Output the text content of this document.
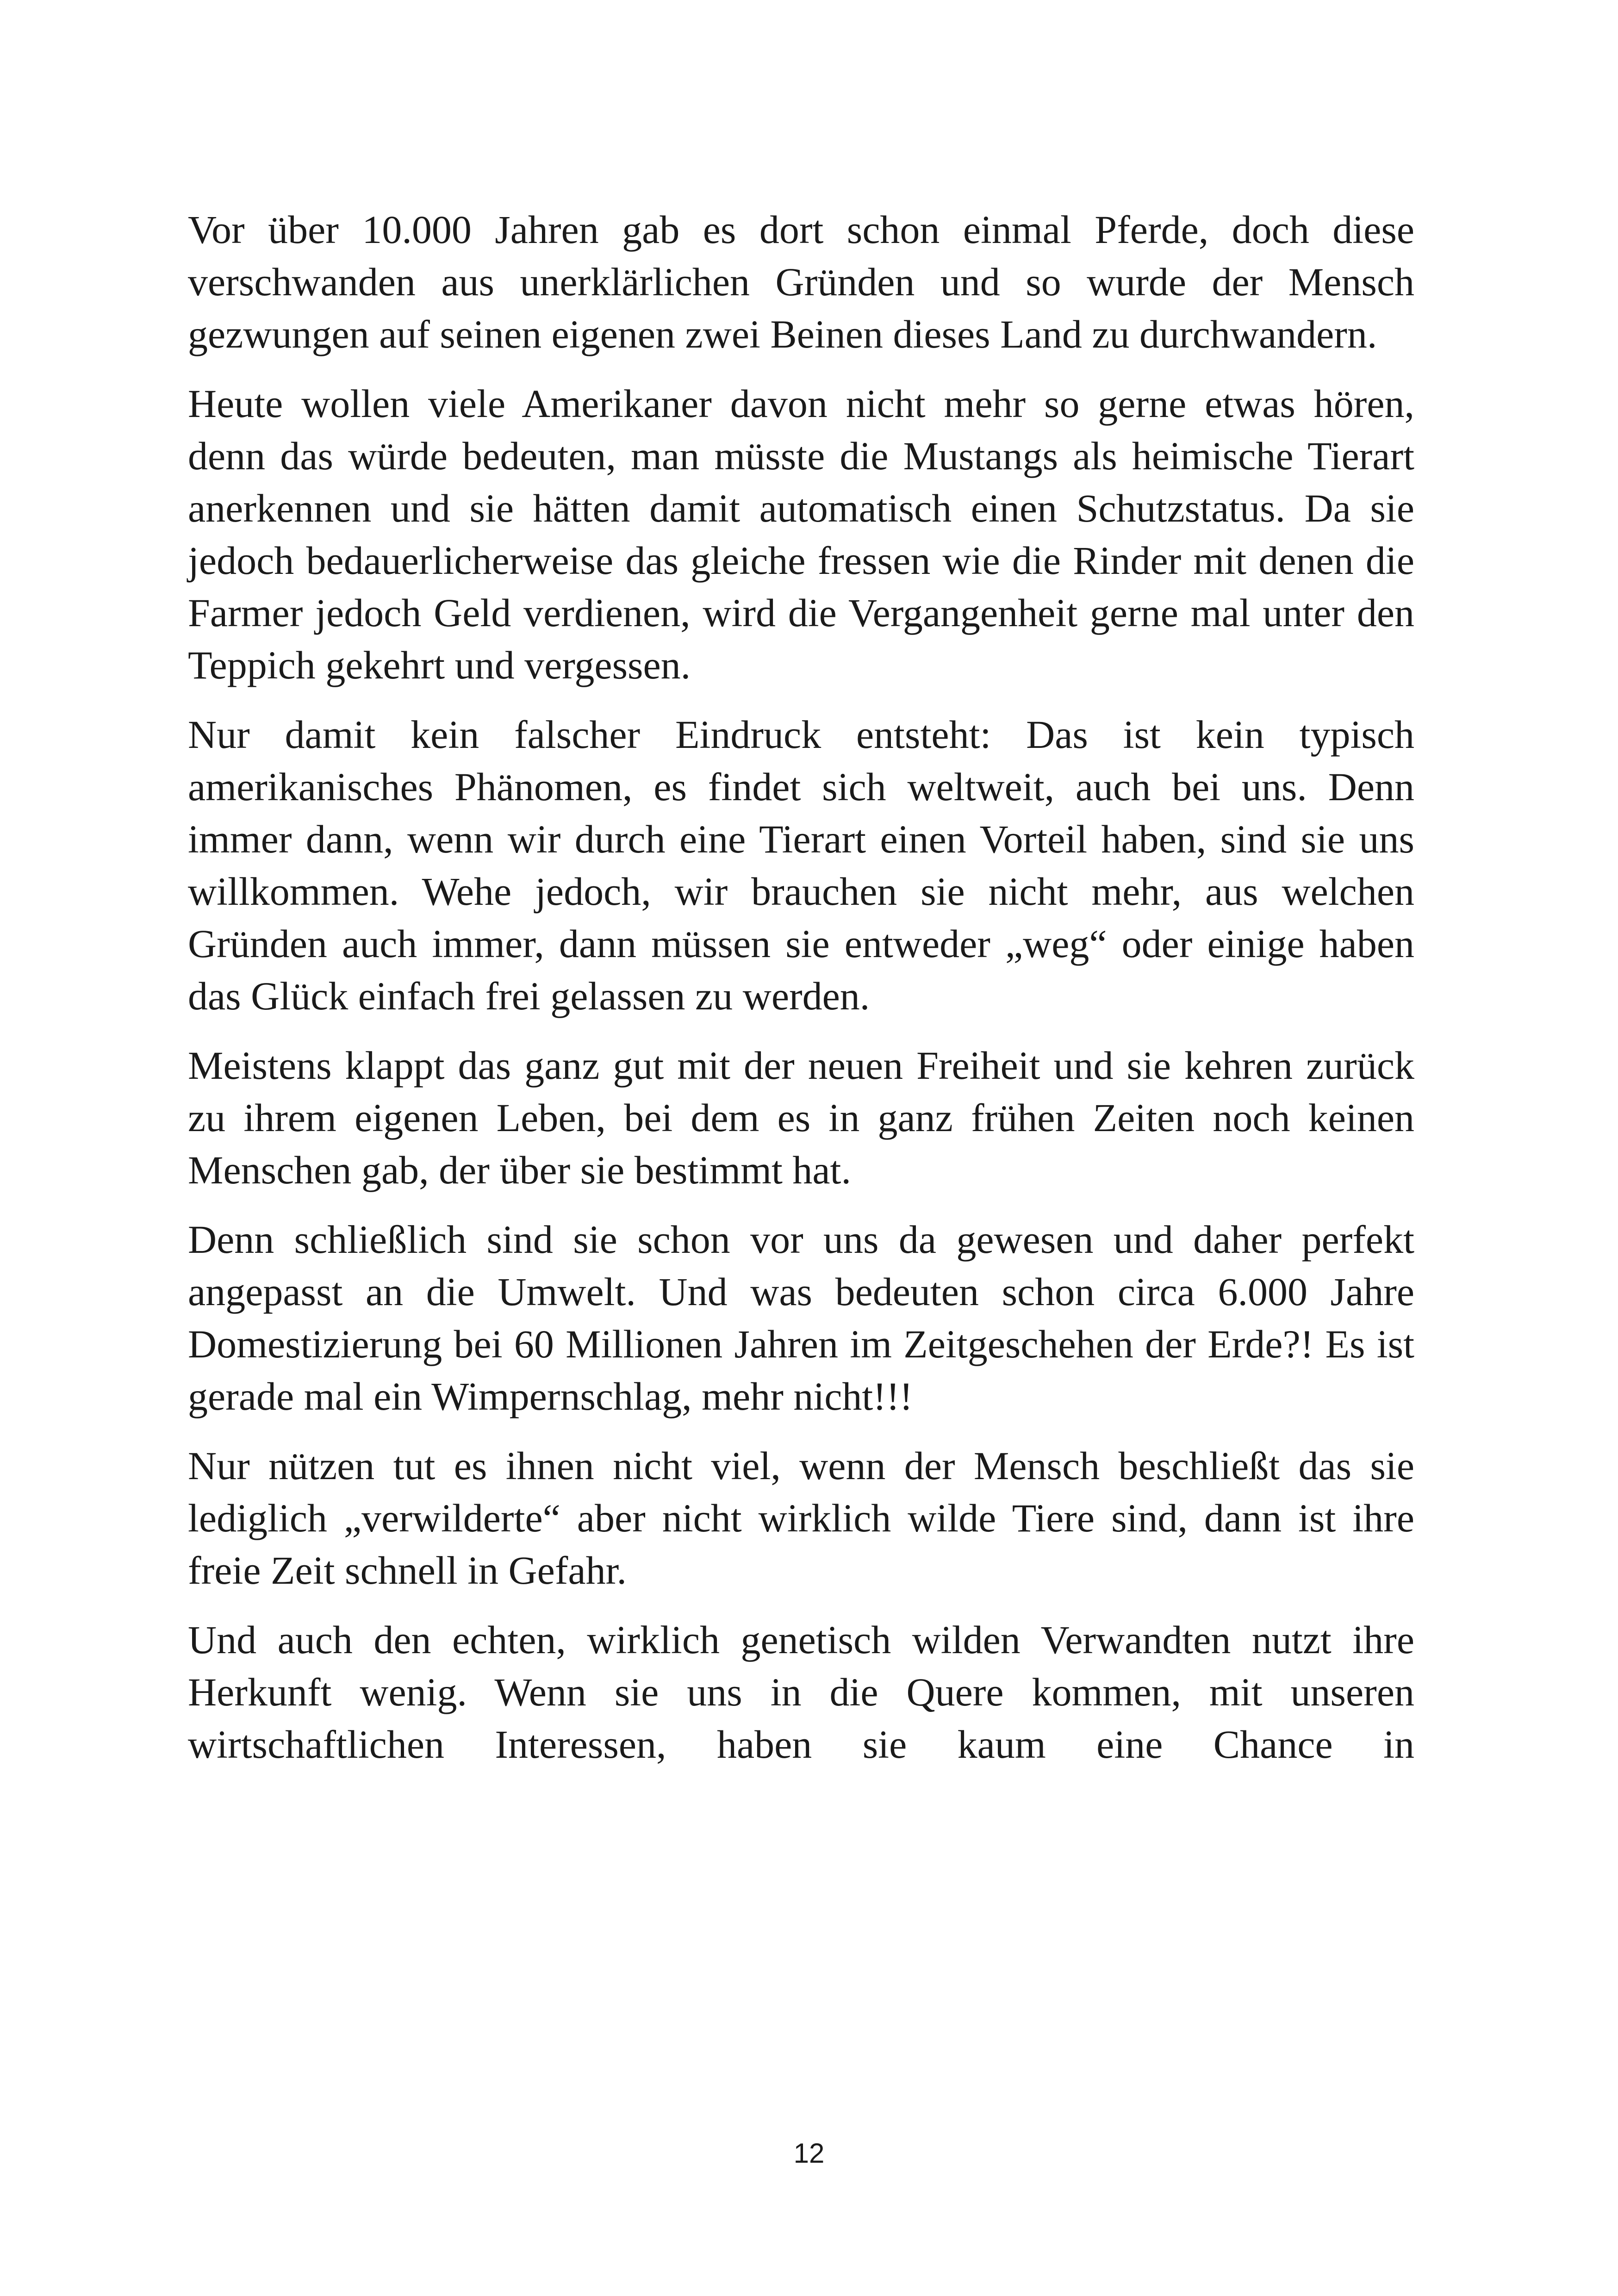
Vor über 10.000 Jahren gab es dort schon einmal Pferde, doch diese verschwanden aus unerklärlichen Gründen und so wurde der Mensch gezwungen auf seinen eigenen zwei Beinen dieses Land zu durchwandern.

Heute wollen viele Amerikaner davon nicht mehr so gerne etwas hören, denn das würde bedeuten, man müsste die Mustangs als heimische Tierart anerkennen und sie hätten damit automatisch einen Schutzstatus. Da sie jedoch bedauerlicherweise das gleiche fressen wie die Rinder mit denen die Farmer jedoch Geld verdienen, wird die Vergangenheit gerne mal unter den Teppich gekehrt und vergessen.

Nur damit kein falscher Eindruck entsteht: Das ist kein typisch amerikanisches Phänomen, es findet sich weltweit, auch bei uns. Denn immer dann, wenn wir durch eine Tierart einen Vorteil haben, sind sie uns willkommen. Wehe jedoch, wir brauchen sie nicht mehr, aus welchen Gründen auch immer, dann müssen sie entweder „weg“ oder einige haben das Glück einfach frei gelassen zu werden.

Meistens klappt das ganz gut mit der neuen Freiheit und sie kehren zurück zu ihrem eigenen Leben, bei dem es in ganz frühen Zeiten noch keinen Menschen gab, der über sie bestimmt hat.

Denn schließlich sind sie schon vor uns da gewesen und daher perfekt angepasst an die Umwelt. Und was bedeuten schon circa 6.000 Jahre Domestizierung bei 60 Millionen Jahren im Zeitgeschehen der Erde?! Es ist gerade mal ein Wimpernschlag, mehr nicht!!!

Nur nützen tut es ihnen nicht viel, wenn der Mensch beschließt das sie lediglich „verwilderte“ aber nicht wirklich wilde Tiere sind, dann ist ihre freie Zeit schnell in Gefahr.

Und auch den echten, wirklich genetisch wilden Verwandten nutzt ihre Herkunft wenig. Wenn sie uns in die Quere kommen, mit unseren wirtschaftlichen Interessen, haben sie kaum eine Chance in

12
